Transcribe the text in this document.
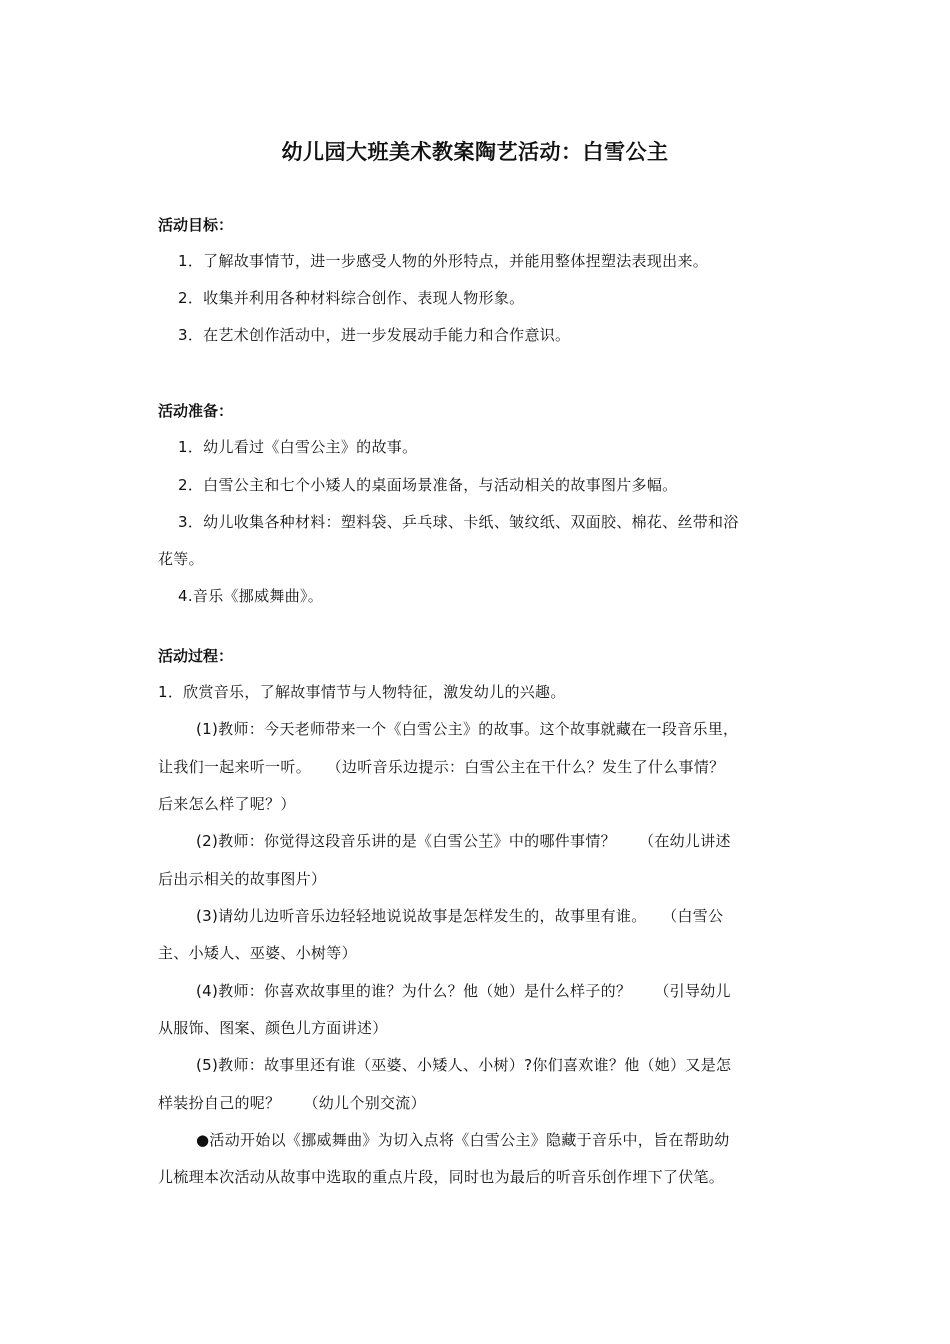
幼儿园大班美术教案陶艺活动：白雪公主
活动目标：
1．了解故事情节，进一步感受人物的外形特点，并能用整体捏塑法表现出来。
2．收集并利用各种材料综合创作、表现人物形象。
3．在艺术创作活动中，进一步发展动手能力和合作意识。
活动准备：
1．幼儿看过《白雪公主》的故事。
2．白雪公主和七个小矮人的桌面场景准备，与活动相关的故事图片多幅。
3．幼儿收集各种材料：塑料袋、乒乓球、卡纸、皱纹纸、双面胶、棉花、丝带和浴
花等。
4.音乐《挪威舞曲》。
活动过程：
1．欣赏音乐，了解故事情节与人物特征，激发幼儿的兴趣。
(1)教师：今天老师带来一个《白雪公主》的故事。这个故事就藏在一段音乐里，
让我们一起来听一听。　　（边听音乐边提示：白雪公主在干什么？发生了什么事情？
后来怎么样了呢？）
(2)教师：你觉得这段音乐讲的是《白雪公芏》中的哪件事情？　　（在幼儿讲述
后出示相关的故事图片）
(3)请幼儿边听音乐边轻轻地说说故事是怎样发生的，故事里有谁。　　（白雪公
主、小矮人、巫婆、小树等）
(4)教师：你喜欢故事里的谁？为什么？他（她）是什么样子的？　　（引导幼儿
从服饰、图案、颜色儿方面讲述）
(5)教师：故事里还有谁（巫婆、小矮人、小树）?你们喜欢谁？他（她）又是怎
样装扮自己的呢？　　（幼儿个别交流）
●活动开始以《挪威舞曲》为切入点将《白雪公主》隐藏于音乐中，旨在帮助幼
儿梳理本次活动从故事中选取的重点片段，同时也为最后的听音乐创作埋下了伏笔。
